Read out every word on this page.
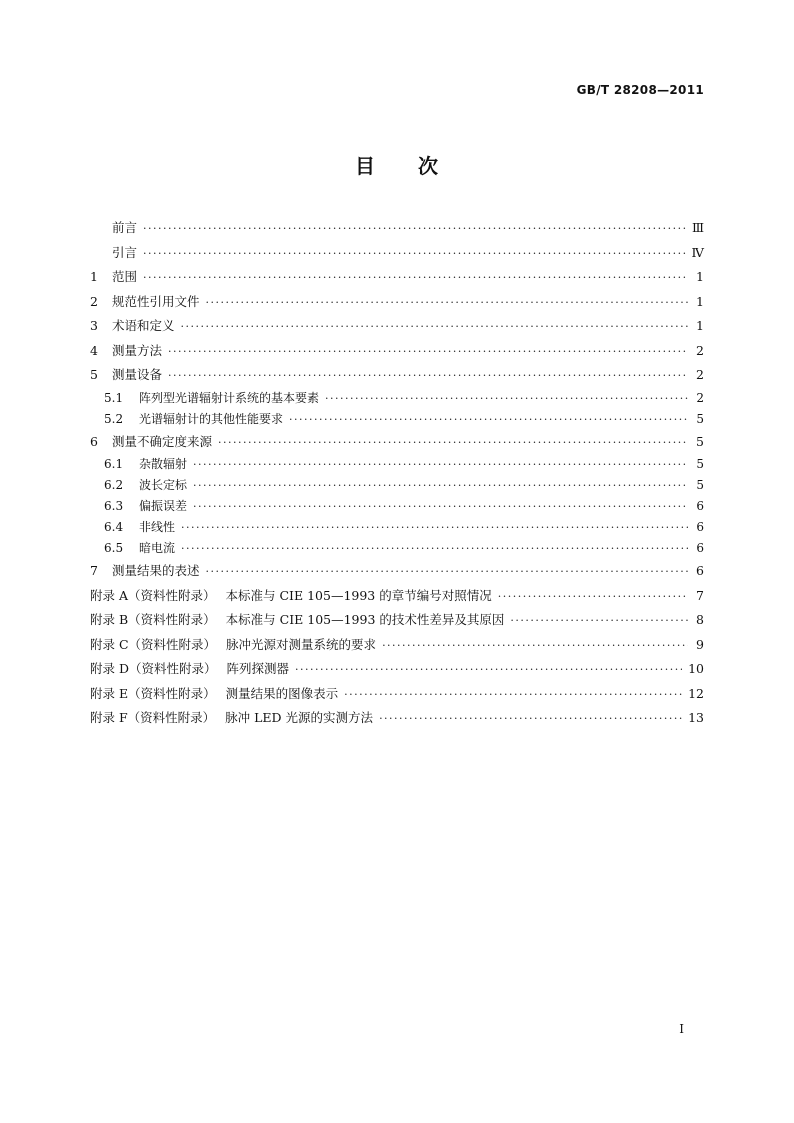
GB/T 28208—2011
目　　次
前言 ·····	Ⅲ
引言 ·····	Ⅳ
1	范围 ·····	1
2	规范性引用文件 ·····	1
3	术语和定义 ·····	1
4	测量方法 ·····	2
5	测量设备 ·····	2
5.1	阵列型光谱辐射计系统的基本要素 ·····	2
5.2	光谱辐射计的其他性能要求 ·····	5
6	测量不确定度来源 ·····	5
6.1	杂散辐射 ·····	5
6.2	波长定标 ·····	5
6.3	偏振误差 ·····	6
6.4	非线性 ·····	6
6.5	暗电流 ·····	6
7	测量结果的表述 ·····	6
附录 A（资料性附录） 本标准与 CIE 105—1993 的章节编号对照情况 ·····	7
附录 B（资料性附录） 本标准与 CIE 105—1993 的技术性差异及其原因 ·····	8
附录 C（资料性附录） 脉冲光源对测量系统的要求 ·····	9
附录 D（资料性附录） 阵列探测器 ·····	10
附录 E（资料性附录） 测量结果的图像表示 ·····	12
附录 F（资料性附录） 脉冲 LED 光源的实测方法 ·····	13
I
